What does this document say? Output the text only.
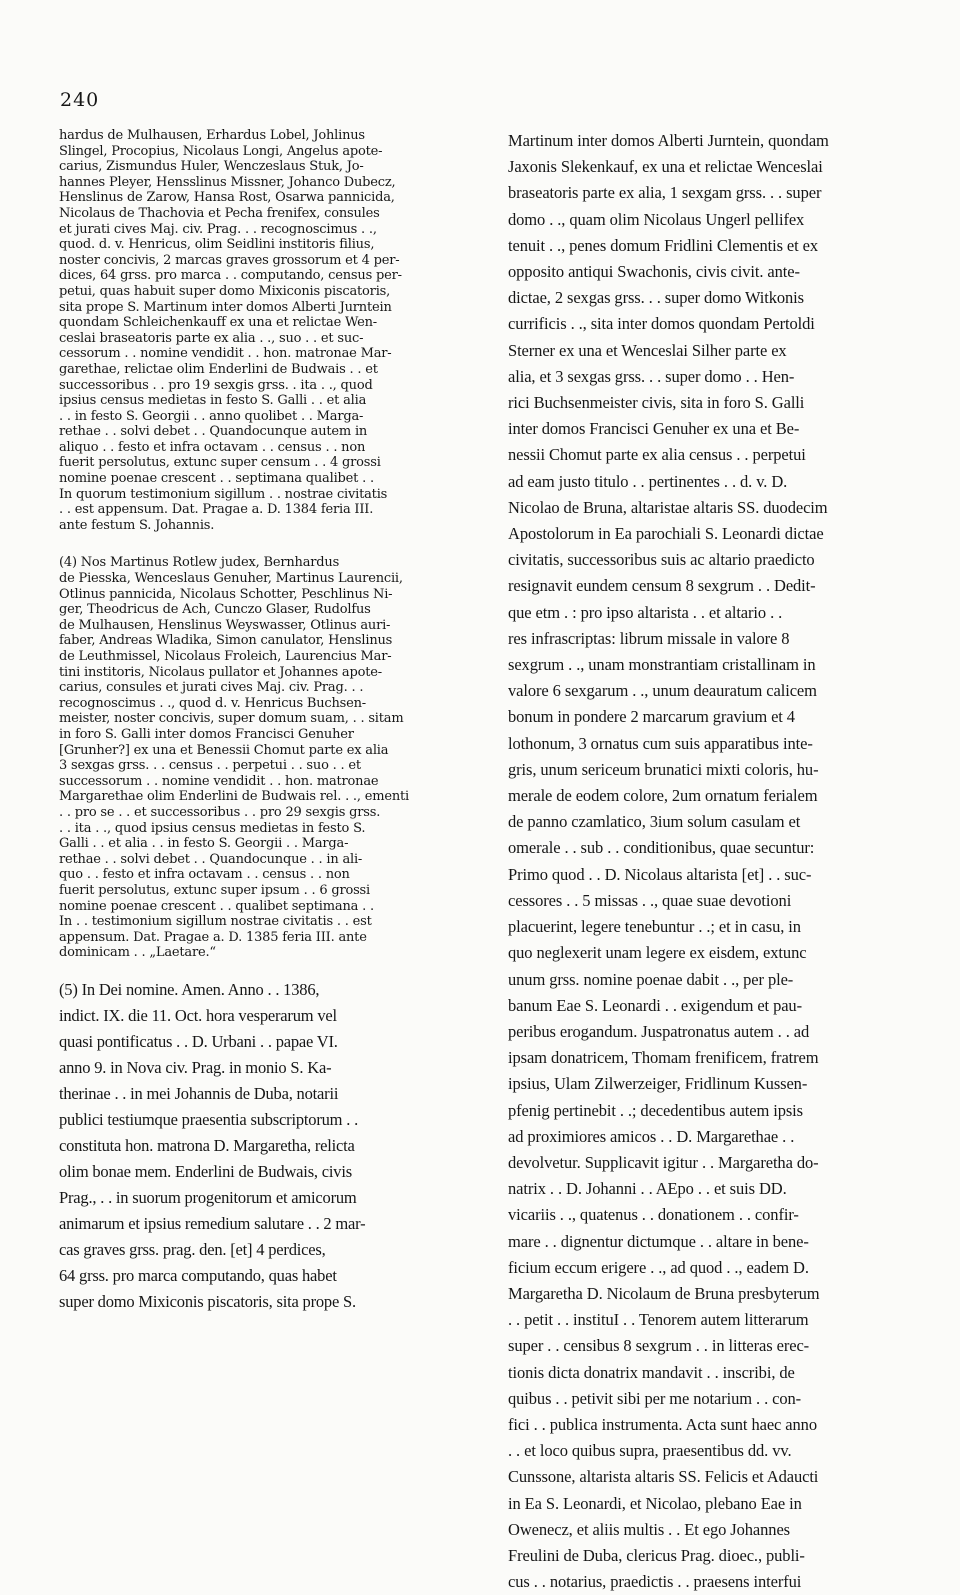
240
hardus de Mulhausen, Erhardus Lobel, Johlinus
Slingel, Procopius, Nicolaus Longi, Angelus apote-
carius, Zismundus Huler, Wenczeslaus Stuk, Jo-
hannes Pleyer, Hensslinus Missner, Johanco Dubecz,
Henslinus de Zarow, Hansa Rost, Osarwa pannicida,
Nicolaus de Thachovia et Pecha frenifex, consules
et jurati cives Maj. civ. Prag. . . recognoscimus . .,
quod. d. v. Henricus, olim Seidlini institoris filius,
noster concivis, 2 marcas graves grossorum et 4 per-
dices, 64 grss. pro marca . . computando, census per-
petui, quas habuit super domo Mixiconis piscatoris,
sita prope S. Martinum inter domos Alberti Jurntein
quondam Schleichenkauff ex una et relictae Wen-
ceslai braseatoris parte ex alia . ., suo . . et suc-
cessorum . . nomine vendidit . . hon. matronae Mar-
garethae, relictae olim Enderlini de Budwais . . et
successoribus . . pro 19 sexgis grss. . ita . ., quod
ipsius census medietas in festo S. Galli . . et alia
. . in festo S. Georgii . . anno quolibet . . Marga-
rethae . . solvi debet . . Quandocunque autem in
aliquo . . festo et infra octavam . . census . . non
fuerit persolutus, extunc super censum . . 4 grossi
nomine poenae crescent . . septimana qualibet . .
In quorum testimonium sigillum . . nostrae civitatis
. . est appensum. Dat. Pragae a. D. 1384 feria III.
ante festum S. Johannis.
(4) Nos Martinus Rotlew judex, Bernhardus
de Piesska, Wenceslaus Genuher, Martinus Laurencii,
Otlinus pannicida, Nicolaus Schotter, Peschlinus Ni-
ger, Theodricus de Ach, Cunczo Glaser, Rudolfus
de Mulhausen, Henslinus Weyswasser, Otlinus auri-
faber, Andreas Wladika, Simon canulator, Henslinus
de Leuthmissel, Nicolaus Froleich, Laurencius Mar-
tini institoris, Nicolaus pullator et Johannes apote-
carius, consules et jurati cives Maj. civ. Prag. . .
recognoscimus . ., quod d. v. Henricus Buchsen-
meister, noster concivis, super domum suam, . . sitam
in foro S. Galli inter domos Francisci Genuher
[Grunher?] ex una et Benessii Chomut parte ex alia
3 sexgas grss. . . census . . perpetui . . suo . . et
successorum . . nomine vendidit . . hon. matronae
Margarethae olim Enderlini de Budwais rel. . ., ementi
. . pro se . . et successoribus . . pro 29 sexgis grss.
. . ita . ., quod ipsius census medietas in festo S.
Galli . . et alia . . in festo S. Georgii . . Marga-
rethae . . solvi debet . . Quandocunque . . in ali-
quo . . festo et infra octavam . . census . . non
fuerit persolutus, extunc super ipsum . . 6 grossi
nomine poenae crescent . . qualibet septimana . .
In . . testimonium sigillum nostrae civitatis . . est
appensum. Dat. Pragae a. D. 1385 feria III. ante
dominicam . . „Laetare.“
(5) In Dei nomine. Amen. Anno . . 1386,
indict. IX. die 11. Oct. hora vesperarum vel
quasi pontificatus . . D. Urbani . . papae VI.
anno 9. in Nova civ. Prag. in monio S. Ka-
therinae . . in mei Johannis de Duba, notarii
publici testiumque praesentia subscriptorum . .
constituta hon. matrona D. Margaretha, relicta
olim bonae mem. Enderlini de Budwais, civis
Prag., . . in suorum progenitorum et amicorum
animarum et ipsius remedium salutare . . 2 mar-
cas graves grss. prag. den. [et] 4 perdices,
64 grss. pro marca computando, quas habet
super domo Mixiconis piscatoris, sita prope S.
Martinum inter domos Alberti Jurntein, quondam
Jaxonis Slekenkauf, ex una et relictae Wenceslai
braseatoris parte ex alia, 1 sexgam grss. . . super
domo . ., quam olim Nicolaus Ungerl pellifex
tenuit . ., penes domum Fridlini Clementis et ex
opposito antiqui Swachonis, civis civit. ante-
dictae, 2 sexgas grss. . . super domo Witkonis
currificis . ., sita inter domos quondam Pertoldi
Sterner ex una et Wenceslai Silher parte ex
alia, et 3 sexgas grss. . . super domo . . Hen-
rici Buchsenmeister civis, sita in foro S. Galli
inter domos Francisci Genuher ex una et Be-
nessii Chomut parte ex alia census . . perpetui
ad eam justo titulo . . pertinentes . . d. v. D.
Nicolao de Bruna, altaristae altaris SS. duodecim
Apostolorum in Ea parochiali S. Leonardi dictae
civitatis, successoribus suis ac altario praedicto
resignavit eundem censum 8 sexgrum . . Dedit-
que etm . : pro ipso altarista . . et altario . .
res infrascriptas: librum missale in valore 8
sexgrum . ., unam monstrantiam cristallinam in
valore 6 sexgarum . ., unum deauratum calicem
bonum in pondere 2 marcarum gravium et 4
lothonum, 3 ornatus cum suis apparatibus inte-
gris, unum sericeum brunatici mixti coloris, hu-
merale de eodem colore, 2um ornatum ferialem
de panno czamlatico, 3ium solum casulam et
omerale . . sub . . conditionibus, quae secuntur:
Primo quod . . D. Nicolaus altarista [et] . . suc-
cessores . . 5 missas . ., quae suae devotioni
placuerint, legere tenebuntur . .; et in casu, in
quo neglexerit unam legere ex eisdem, extunc
unum grss. nomine poenae dabit . ., per ple-
banum Eae S. Leonardi . . exigendum et pau-
peribus erogandum. Juspatronatus autem . . ad
ipsam donatricem, Thomam frenificem, fratrem
ipsius, Ulam Zilwerzeiger, Fridlinum Kussen-
pfenig pertinebit . .; decedentibus autem ipsis
ad proximiores amicos . . D. Margarethae . .
devolvetur. Supplicavit igitur . . Margaretha do-
natrix . . D. Johanni . . AEpo . . et suis DD.
vicariis . ., quatenus . . donationem . . confir-
mare . . dignentur dictumque . . altare in bene-
ficium eccum erigere . ., ad quod . ., eadem D.
Margaretha D. Nicolaum de Bruna presbyterum
. . petit . . instituI . . Tenorem autem litterarum
super . . censibus 8 sexgrum . . in litteras erec-
tionis dicta donatrix mandavit . . inscribi, de
quibus . . petivit sibi per me notarium . . con-
fici . . publica instrumenta. Acta sunt haec anno
. . et loco quibus supra, praesentibus dd. vv.
Cunssone, altarista altaris SS. Felicis et Adaucti
in Ea S. Leonardi, et Nicolao, plebano Eae in
Owenecz, et aliis multis . . Et ego Johannes
Freulini de Duba, clericus Prag. dioec., publi-
cus . . notarius, praedictis . . praesens interfui
